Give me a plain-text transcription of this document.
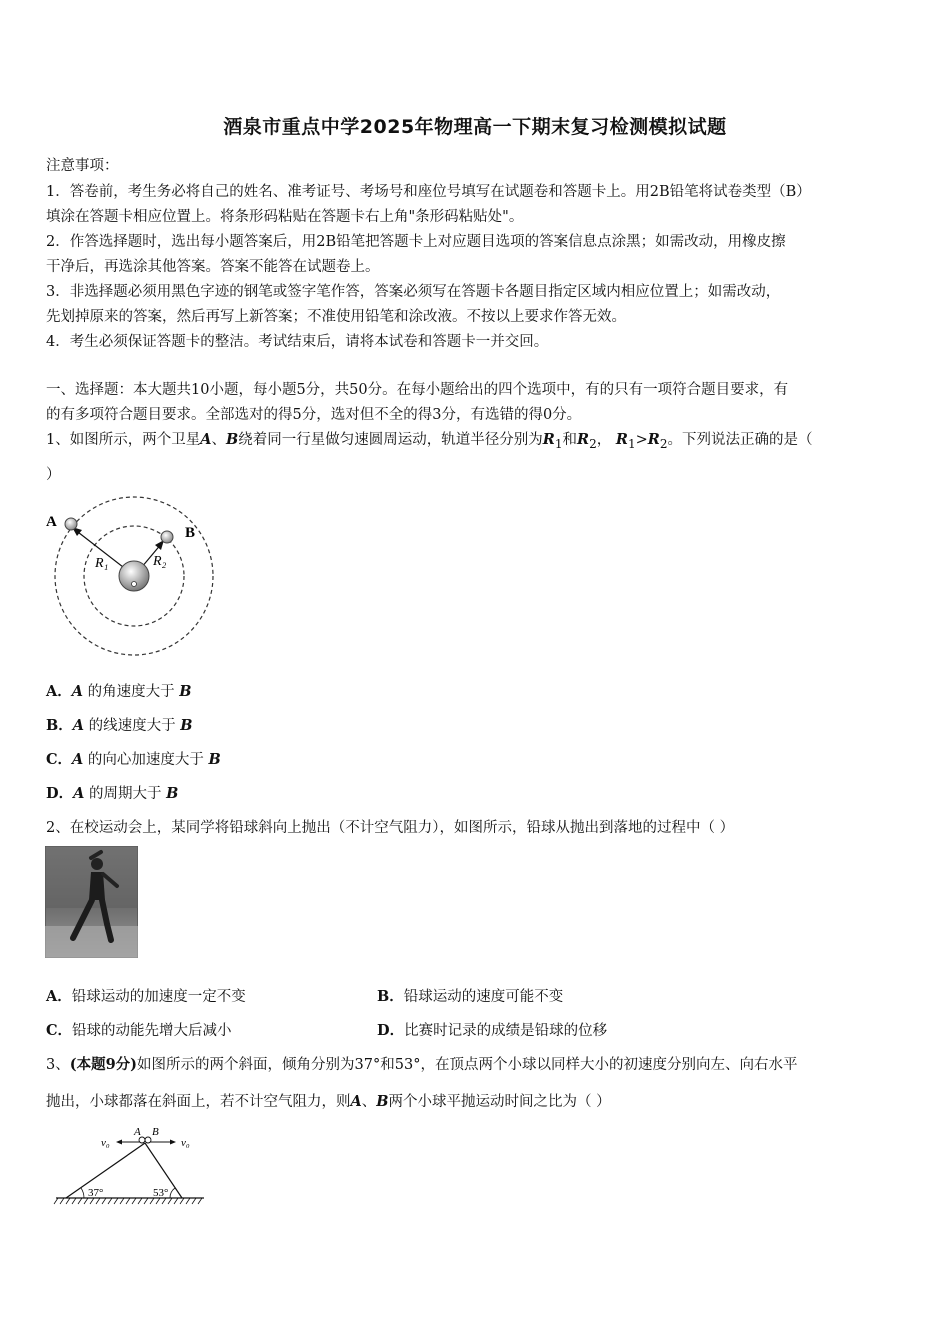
酒泉市重点中学2025年物理高一下期末复习检测模拟试题
注意事项：
1．答卷前，考生务必将自己的姓名、准考证号、考场号和座位号填写在试题卷和答题卡上。用2B铅笔将试卷类型（B）
填涂在答题卡相应位置上。将条形码粘贴在答题卡右上角"条形码粘贴处"。
2．作答选择题时，选出每小题答案后，用2B铅笔把答题卡上对应题目选项的答案信息点涂黑；如需改动，用橡皮擦
干净后，再选涂其他答案。答案不能答在试题卷上。
3．非选择题必须用黑色字迹的钢笔或签字笔作答，答案必须写在答题卡各题目指定区域内相应位置上；如需改动，
先划掉原来的答案，然后再写上新答案；不准使用铅笔和涂改液。不按以上要求作答无效。
4．考生必须保证答题卡的整洁。考试结束后，请将本试卷和答题卡一并交回。
一、选择题：本大题共10小题，每小题5分，共50分。在每小题给出的四个选项中，有的只有一项符合题目要求，有
的有多项符合题目要求。全部选对的得5分，选对但不全的得3分，有选错的得0分。
1、如图所示，两个卫星A、B绕着同一行星做匀速圆周运动，轨道半径分别为$R_1$和$R_2$， $R_1>R_2$。下列说法正确的是（
）
A
B
R₁	R₂
A．A 的角速度大于 B
B．A 的线速度大于 B
C．A 的向心加速度大于 B
D．A 的周期大于 B
2、在校运动会上，某同学将铅球斜向上抛出（不计空气阻力），如图所示，铅球从抛出到落地的过程中（ ）
A．铅球运动的加速度一定不变	B．铅球运动的速度可能不变
C．铅球的动能先增大后减小	D．比赛时记录的成绩是铅球的位移
3、(本题9分)如图所示的两个斜面，倾角分别为37°和53°，在顶点两个小球以同样大小的初速度分别向左、向右水平
抛出，小球都落在斜面上，若不计空气阻力，则A、B两个小球平抛运动时间之比为（ ）
A B
v₀	v₀
37°	53°
